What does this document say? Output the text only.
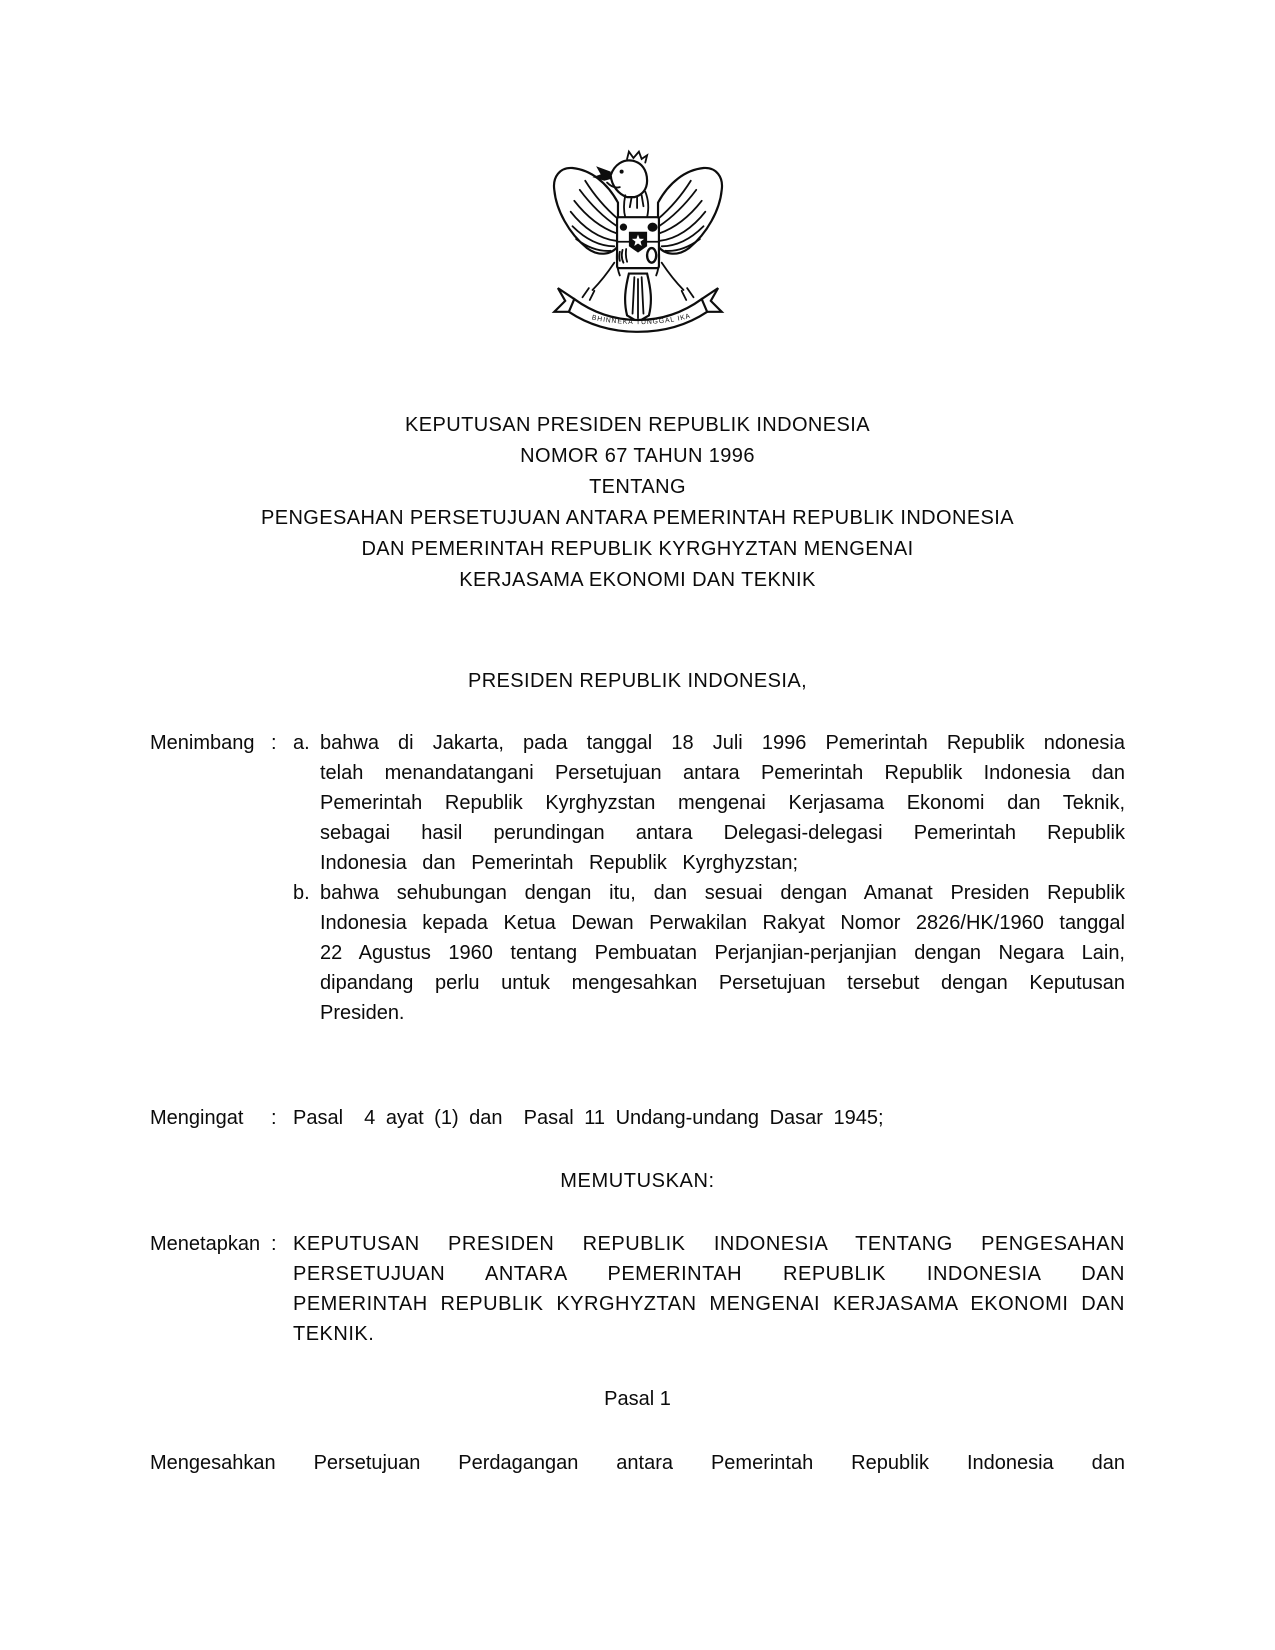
BHINNEKA TUNGGAL IKA
KEPUTUSAN PRESIDEN REPUBLIK INDONESIA
NOMOR 67 TAHUN 1996
TENTANG
PENGESAHAN PERSETUJUAN ANTARA PEMERINTAH REPUBLIK INDONESIA
DAN PEMERINTAH REPUBLIK KYRGHYZTAN MENGENAI
KERJASAMA EKONOMI DAN TEKNIK
PRESIDEN REPUBLIK INDONESIA,
Menimbang : a. bahwa di Jakarta, pada tanggal 18 Juli 1996 Pemerintah Republik ndonesia telah menandatangani Persetujuan antara Pemerintah Republik Indonesia dan Pemerintah Republik Kyrghyzstan mengenai Kerjasama Ekonomi dan Teknik, sebagai hasil perundingan antara Delegasi-delegasi Pemerintah Republik Indonesia dan Pemerintah Republik Kyrghyzstan;
b. bahwa sehubungan dengan itu, dan sesuai dengan Amanat Presiden Republik Indonesia kepada Ketua Dewan Perwakilan Rakyat Nomor 2826/HK/1960 tanggal 22 Agustus 1960 tentang Pembuatan Perjanjian-perjanjian dengan Negara Lain, dipandang perlu untuk mengesahkan Persetujuan tersebut dengan Keputusan Presiden.
Mengingat	: Pasal  4 ayat (1) dan  Pasal 11 Undang-undang Dasar 1945;
MEMUTUSKAN:
Menetapkan : KEPUTUSAN PRESIDEN REPUBLIK INDONESIA TENTANG PENGESAHAN PERSETUJUAN ANTARA PEMERINTAH REPUBLIK INDONESIA DAN PEMERINTAH REPUBLIK KYRGHYZTAN MENGENAI KERJASAMA EKONOMI DAN TEKNIK.
Pasal 1
Mengesahkan Persetujuan Perdagangan antara Pemerintah Republik Indonesia dan
